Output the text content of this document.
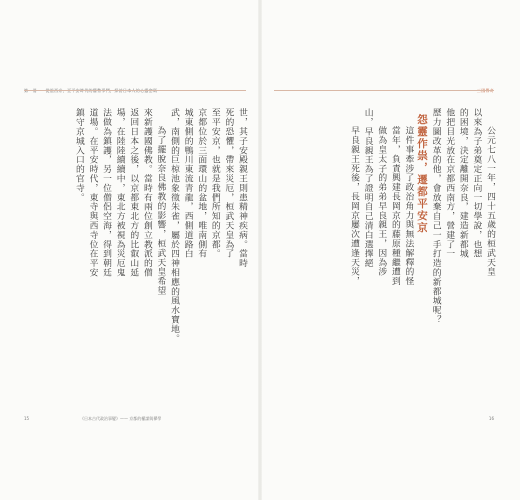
第一冊——從祖西京，至平安時代的權勢爭鬥，探討日本人的心靈密碼

世，其子安殿親王則患精神疾病。當時

死的恐懼，帶來災厄，桓武天皇為了

至平安京，也就是我們所知的京都。

京都位於三面環山的盆地，唯南側有

城東側的鴨川東流青龍，西側道路白

武，南側的巨椋池象徵朱雀，屬於四神相應的風水寶地。

為了擺脫奈良佛教的影響，桓武天皇希望

來新護國佛教。當時有兩位創立教派的僧

返回日本之後，以京都東北方的比叡山延

場，在陸陸續續中，東北方被視為災厄鬼

法做為鎮護，另一位僧侶空海，得到朝廷

道場。在平安時代，東寺與西寺位在平安

鎮守京城入口的官寺。

15	《日本古代政治事變》—— 京都的權謀與禪學
三國傳奇

公元七八一年，四十五歲的桓武天皇

以來為子弟奠定正向一切學說，也想

的困境，決定離開奈良，建造新都城

他把目光放在京都西南方，營建了一

歷力圖改革的他，會放棄自己一手打造的新都城呢？

怨靈作祟，遷都平安京

這件事牽涉了政治角力與無法解釋的怪

當年，負責興建長岡京的藤原種繼遭到

做為皇太子的弟弟早良親王，因為涉

山，早良親王為了證明自己清白選擇絕

早良親王死後，長岡京屢次遭逢天災，

16
